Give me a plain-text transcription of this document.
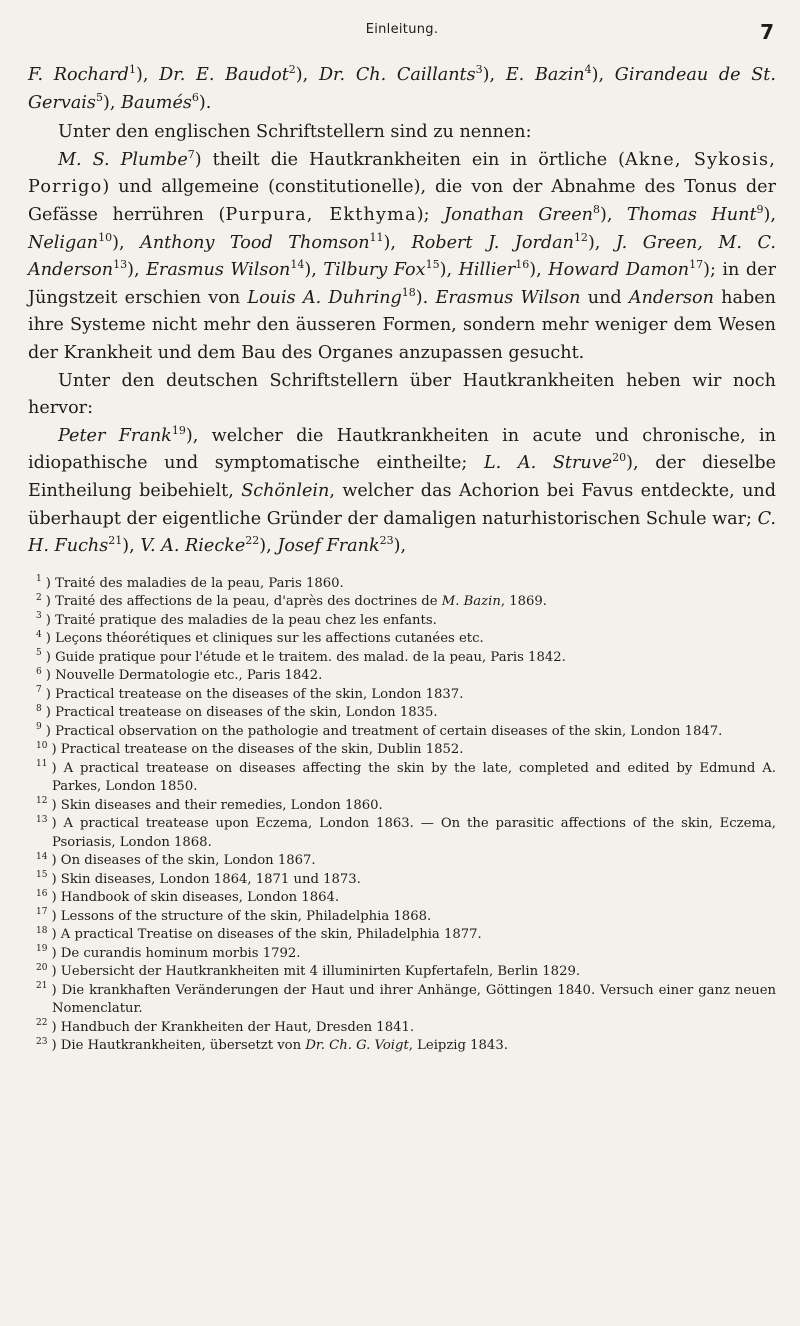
Einleitung.	7

F. Rochard$^1$), Dr. E. Baudot$^2$), Dr. Ch. Caillants$^3$), E. Bazin$^4$), Girandeau de St. Gervais$^5$), Baumés$^6$).

Unter den englischen Schriftstellern sind zu nennen:

M. S. Plumbe$^7$) theilt die Hautkrankheiten ein in örtliche (Akne, Sykosis, Porrigo) und allgemeine (constitutionelle), die von der Abnahme des Tonus der Gefässe herrühren (Purpura, Ekthyma); Jonathan Green$^8$), Thomas Hunt$^9$), Neligan$^{10}$), Anthony Tood Thomson$^{11}$), Robert J. Jordan$^{12}$), J. Green, M. C. Anderson$^{13}$), Erasmus Wilson$^{14}$), Tilbury Fox$^{15}$), Hillier$^{16}$), Howard Damon$^{17}$); in der Jüngstzeit erschien von Louis A. Duhring$^{18}$). Erasmus Wilson und Anderson haben ihre Systeme nicht mehr den äusseren Formen, sondern mehr weniger dem Wesen der Krankheit und dem Bau des Organes anzupassen gesucht.

Unter den deutschen Schriftstellern über Hautkrankheiten heben wir noch hervor:

Peter Frank$^{19}$), welcher die Hautkrankheiten in acute und chronische, in idiopathische und symptomatische eintheilte; L. A. Struve$^{20}$), der dieselbe Eintheilung beibehielt, Schönlein, welcher das Achorion bei Favus entdeckte, und überhaupt der eigentliche Gründer der damaligen naturhistorischen Schule war; C. H. Fuchs$^{21}$), V. A. Riecke$^{22}$), Josef Frank$^{23}$),

$^1$ ) Traité des maladies de la peau, Paris 1860.
$^2$ ) Traité des affections de la peau, d'après des doctrines de M. Bazin, 1869.
$^3$ ) Traité pratique des maladies de la peau chez les enfants.
$^4$ ) Leçons théorétiques et cliniques sur les affections cutanées etc.
$^5$ ) Guide pratique pour l'étude et le traitem. des malad. de la peau, Paris 1842.
$^6$ ) Nouvelle Dermatologie etc., Paris 1842.
$^7$ ) Practical treatease on the diseases of the skin, London 1837.
$^8$ ) Practical treatease on diseases of the skin, London 1835.
$^9$ ) Practical observation on the pathologie and treatment of certain diseases of the skin, London 1847.
$^{10}$ ) Practical treatease on the diseases of the skin, Dublin 1852.
$^{11}$ ) A practical treatease on diseases affecting the skin by the late, completed and edited by Edmund A. Parkes, London 1850.
$^{12}$ ) Skin diseases and their remedies, London 1860.
$^{13}$ ) A practical treatease upon Eczema, London 1863. — On the parasitic affections of the skin, Eczema, Psoriasis, London 1868.
$^{14}$ ) On diseases of the skin, London 1867.
$^{15}$ ) Skin diseases, London 1864, 1871 und 1873.
$^{16}$ ) Handbook of skin diseases, London 1864.
$^{17}$ ) Lessons of the structure of the skin, Philadelphia 1868.
$^{18}$ ) A practical Treatise on diseases of the skin, Philadelphia 1877.
$^{19}$ ) De curandis hominum morbis 1792.
$^{20}$ ) Uebersicht der Hautkrankheiten mit 4 illuminirten Kupfertafeln, Berlin 1829.
$^{21}$ ) Die krankhaften Veränderungen der Haut und ihrer Anhänge, Göttingen 1840. Versuch einer ganz neuen Nomenclatur.
$^{22}$ ) Handbuch der Krankheiten der Haut, Dresden 1841.
$^{23}$ ) Die Hautkrankheiten, übersetzt von Dr. Ch. G. Voigt, Leipzig 1843.
